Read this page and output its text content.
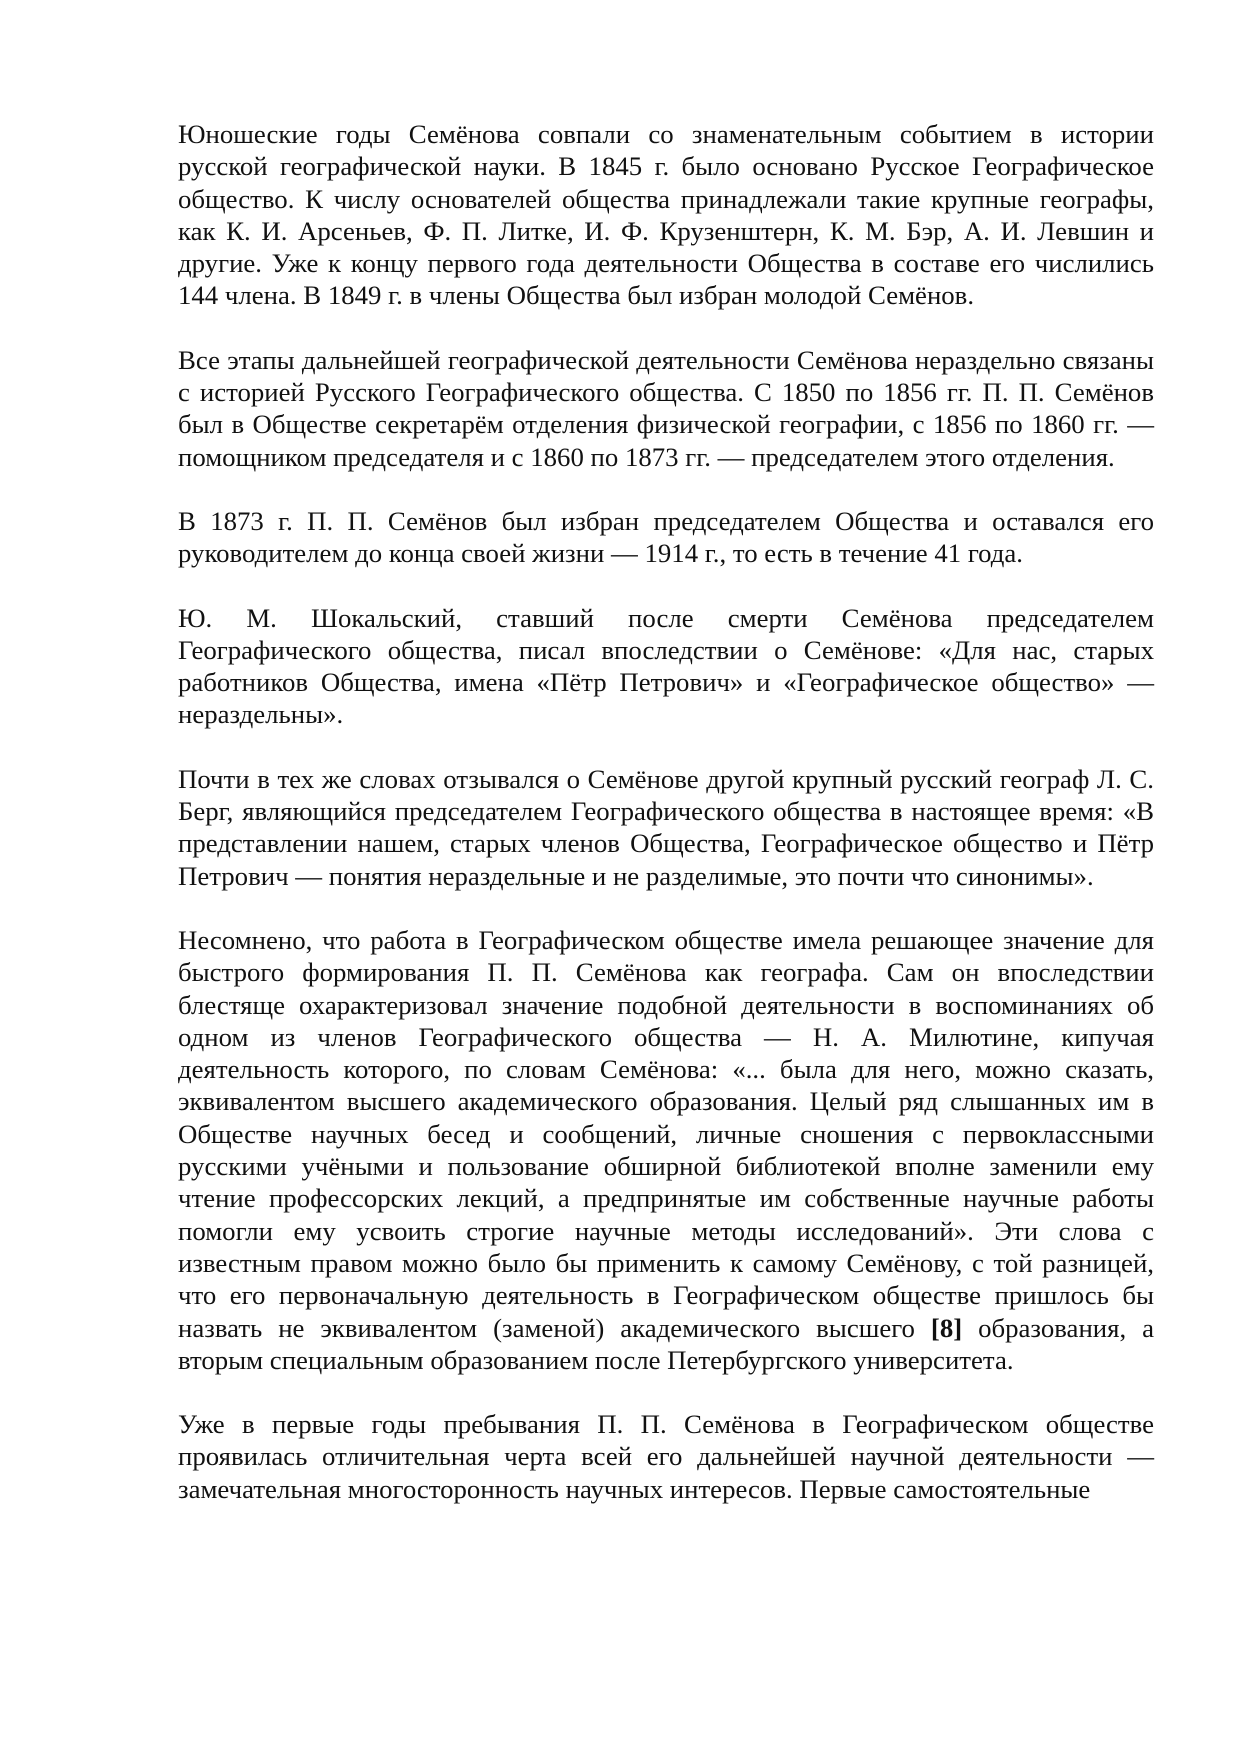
Юношеские годы Семёнова совпали со знаменательным событием в истории русской географической науки. В 1845 г. было основано Русское Географическое общество. К числу основателей общества принадлежали такие крупные географы, как К. И. Арсеньев, Ф. П. Литке, И. Ф. Крузенштерн, К. М. Бэр, А. И. Левшин и другие. Уже к концу первого года деятельности Общества в составе его числились 144 члена. В 1849 г. в члены Общества был избран молодой Семёнов.

Все этапы дальнейшей географической деятельности Семёнова нераздельно связаны с историей Русского Географического общества. С 1850 по 1856 гг. П. П. Семёнов был в Обществе секретарём отделения физической географии, с 1856 по 1860 гг. — помощником председателя и с 1860 по 1873 гг. — председателем этого отделения.

В 1873 г. П. П. Семёнов был избран председателем Общества и оставался его руководителем до конца своей жизни — 1914 г., то есть в течение 41 года.

Ю. М. Шокальский, ставший после смерти Семёнова председателем Географического общества, писал впоследствии о Семёнове: «Для нас, старых работников Общества, имена «Пётр Петрович» и «Географическое общество» — нераздельны».

Почти в тех же словах отзывался о Семёнове другой крупный русский географ Л. С. Берг, являющийся председателем Географического общества в настоящее время: «В представлении нашем, старых членов Общества, Географическое общество и Пётр Петрович — понятия нераздельные и не разделимые, это почти что синонимы».

Несомнено, что работа в Географическом обществе имела решающее значение для быстрого формирования П. П. Семёнова как географа. Сам он впоследствии блестяще охарактеризовал значение подобной деятельности в воспоминаниях об одном из членов Географического общества — Н. А. Милютине, кипучая деятельность которого, по словам Семёнова: «... была для него, можно сказать, эквивалентом высшего академического образования. Целый ряд слышанных им в Обществе научных бесед и сообщений, личные сношения с первоклассными русскими учёными и пользование обширной библиотекой вполне заменили ему чтение профессорских лекций, а предпринятые им собственные научные работы помогли ему усвоить строгие научные методы исследований». Эти слова с известным правом можно было бы применить к самому Семёнову, с той разницей, что его первоначальную деятельность в Географическом обществе пришлось бы назвать не эквивалентом (заменой) академического высшего [8] образования, а вторым специальным образованием после Петербургского университета.

Уже в первые годы пребывания П. П. Семёнова в Географическом обществе проявилась отличительная черта всей его дальнейшей научной деятельности — замечательная многосторонность научных интересов. Первые самостоятельные
